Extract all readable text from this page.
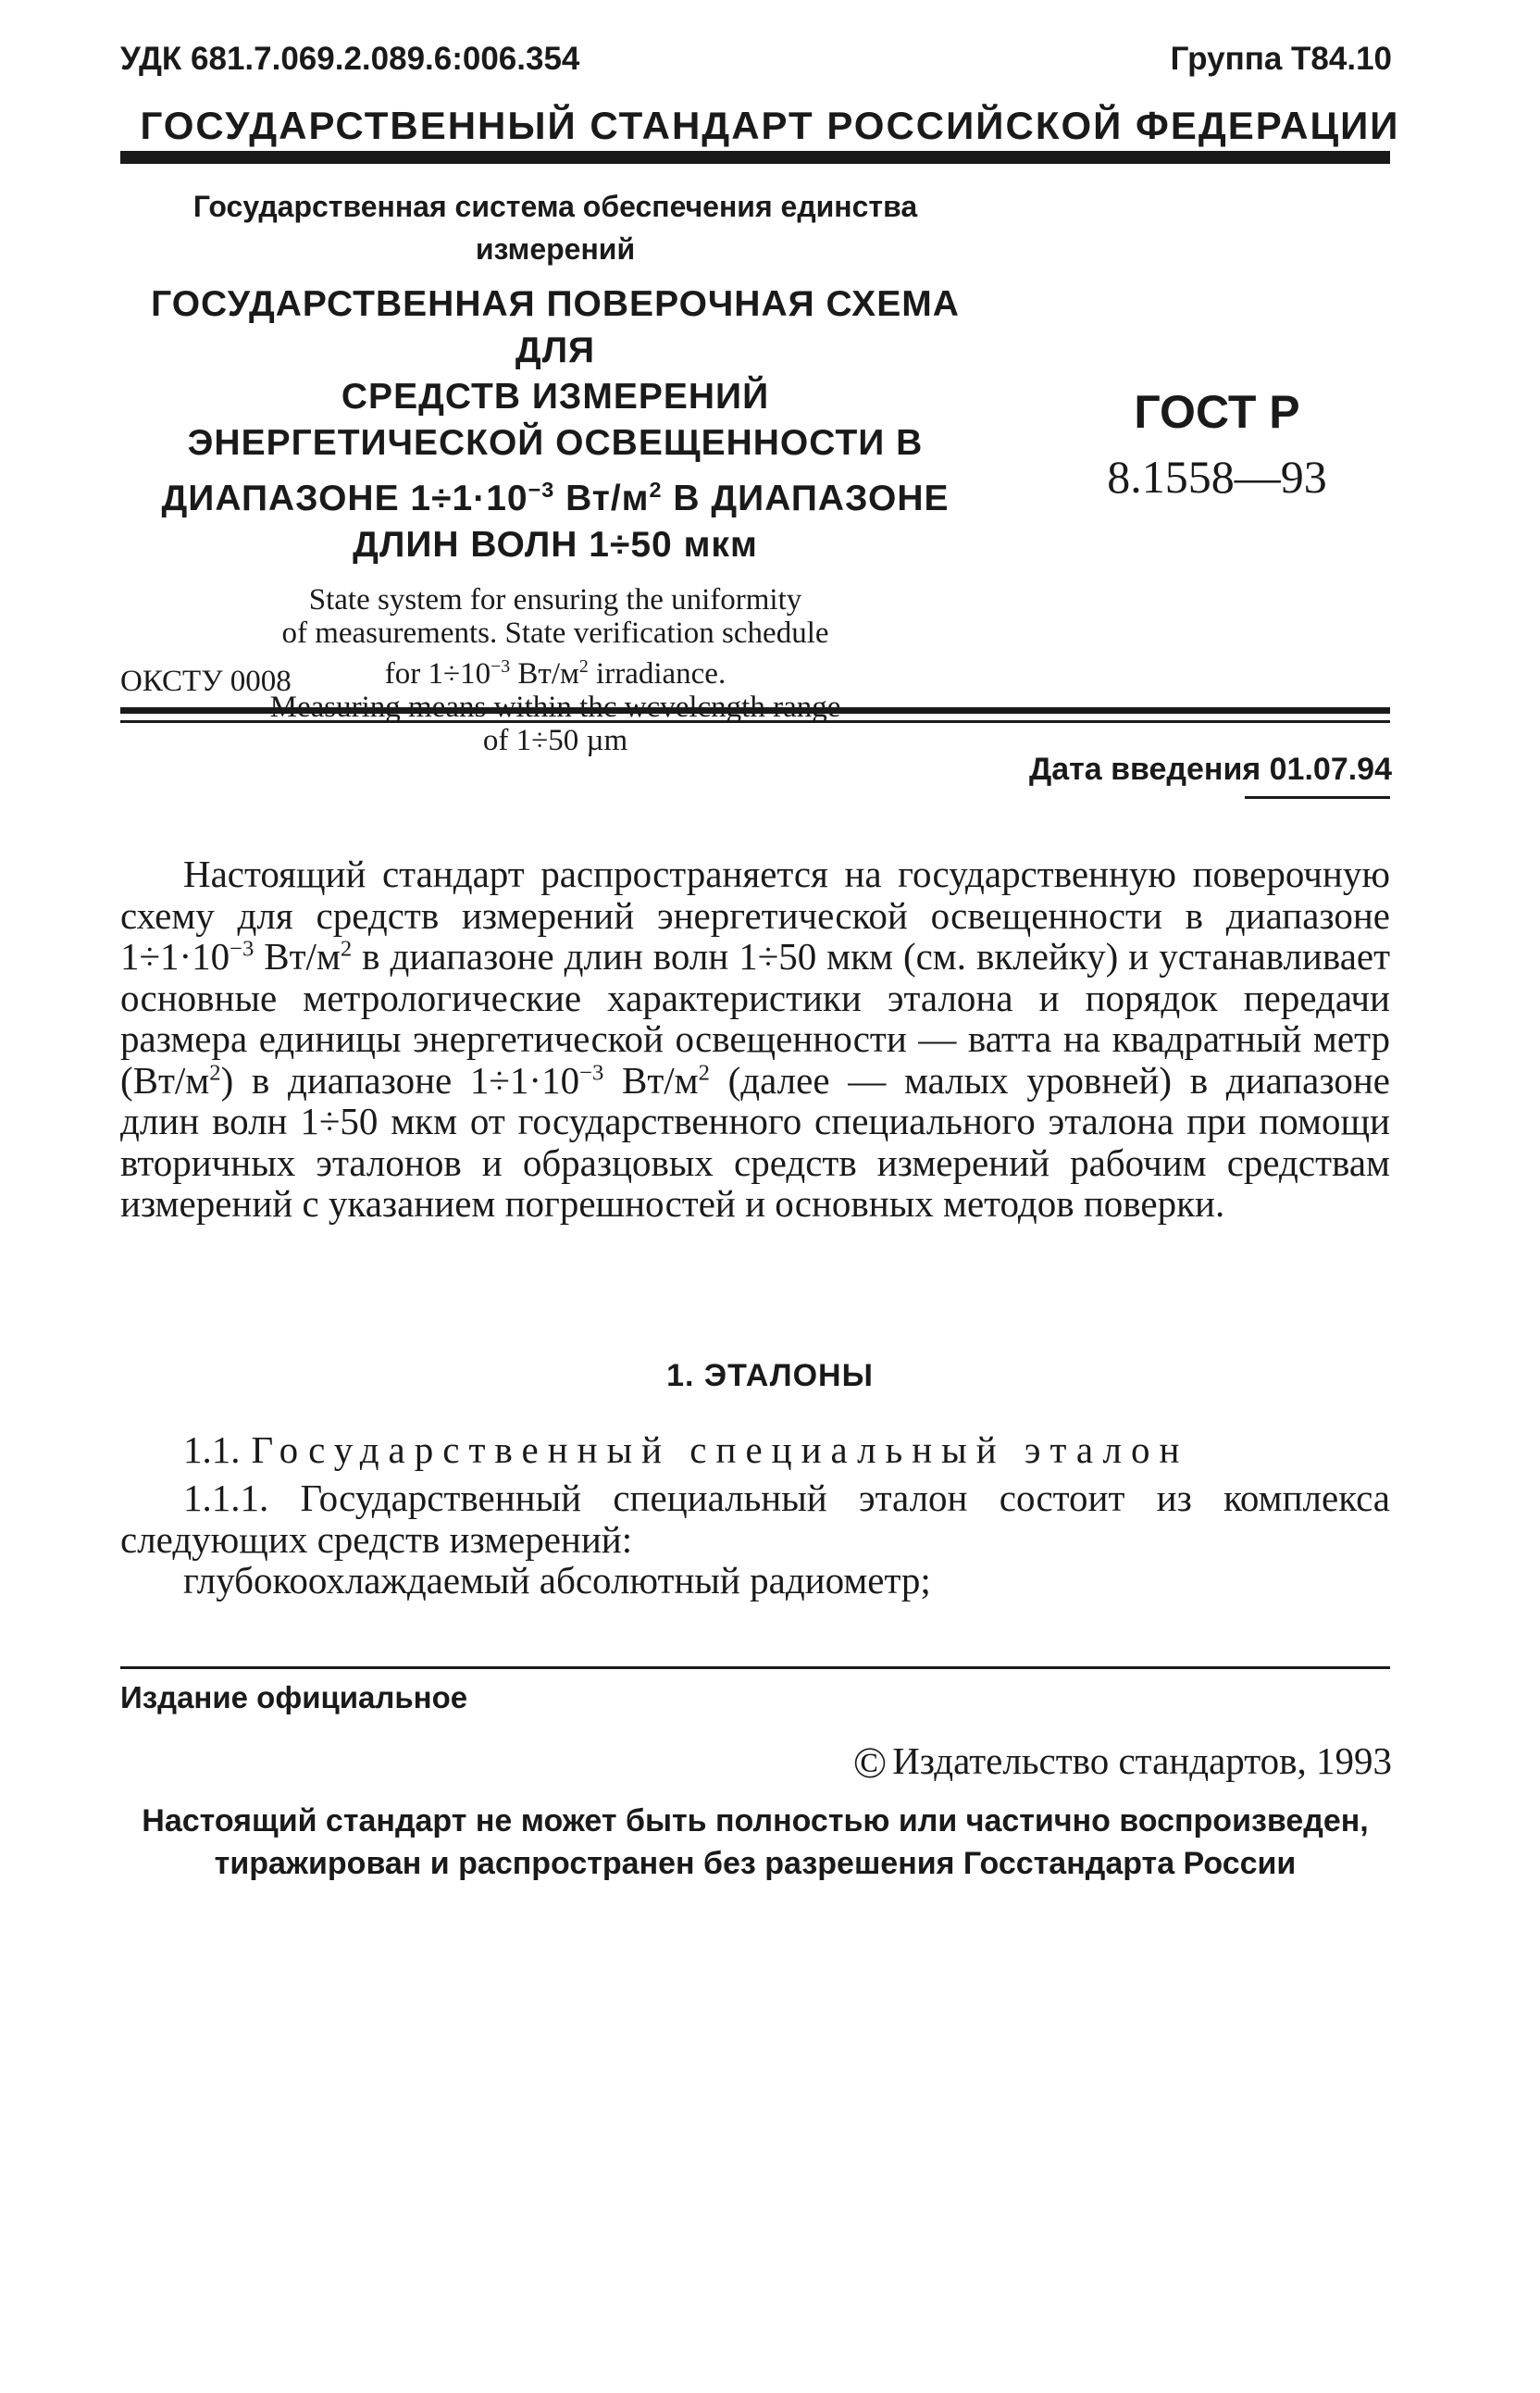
УДК 681.7.069.2.089.6:006.354	Группа Т84.10
ГОСУДАРСТВЕННЫЙ СТАНДАРТ РОССИЙСКОЙ ФЕДЕРАЦИИ
Государственная система обеспечения единства измерений
ГОСУДАРСТВЕННАЯ ПОВЕРОЧНАЯ СХЕМА ДЛЯ
СРЕДСТВ ИЗМЕРЕНИЙ
ЭНЕРГЕТИЧЕСКОЙ ОСВЕЩЕННОСТИ В
ДИАПАЗОНЕ $1\div 1\cdot 10^{-3}$ $Вт/м^2$ В ДИАПАЗОНЕ
ДЛИН ВОЛН 1÷50 мкм
State system for ensuring the uniformity
of measurements. State verification schedule
for $1\div 10^{-3}$ $Вт/м^2$ irradiance.
of 1÷50 µm
ГОСТ Р
8.1558—93
ОКСТУ 0008
Дата введения 01.07.94
Настоящий стандарт распространяется на государственную поверочную схему для средств измерений энергетической освещенности в диапазоне $1\div 1\cdot 10^{-3}$ $Вт/м^2$ в диапазоне длин волн 1÷50 мкм (см. вклейку) и устанавливает основные метрологические характеристики эталона и порядок передачи размера единицы энергетической освещенности — ватта на квадратный метр $(Вт/м^2)$ в диапазоне $1\div 1\cdot 10^{-3}$ $Вт/м^2$ (далее — малых уровней) в диапазоне длин волн 1÷50 мкм от государственного специального эталона при помощи вторичных эталонов и образцовых средств измерений рабочим средствам измерений с указанием погрешностей и основных методов поверки.
1. ЭТАЛОНЫ
1.1. Государственный специальный эталон
1.1.1. Государственный специальный эталон состоит из комплекса следующих средств измерений:
глубокоохлаждаемый абсолютный радиометр;
Издание официальное
© Издательство стандартов, 1993
Настоящий стандарт не может быть полностью или частично воспроизведен,
тиражирован и распространен без разрешения Госстандарта России
